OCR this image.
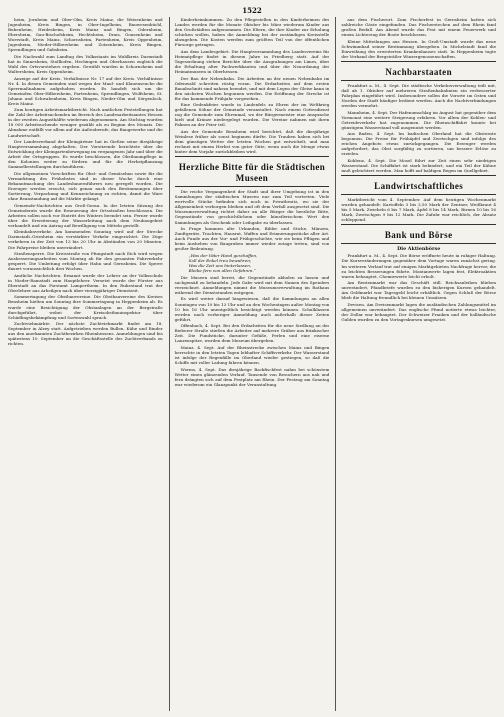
1522

heim, Jornheim und Ober-Olm, Kreis Mainz, die Weisenheim und Jugenheim, Kreis Bingen, in Ober-Ingelheim, Bauwesenbüchl, Bubenheim, Heidesheim, Kreis Mainz und Bingen, Odernheim, Ebersheim, Gau-Bischofsheim, Hechtsheim, Drais, Gonsenheim und Worrstadt, Kreis Mainz, Schornsheim, Partenheim, Kreis Oppenheim, Jugenheim, Nieder-Hilbersheim und Zotzenheim, Kreis Bingen, Sprendlingen und Gabsheim.

Die Nachwahl zum Landtag des Volksstaats im Wahlkreis Darmstadt hat in Sinnesheim, Stollhofen, Hechingen und Oberhausen zugleich die Wahl des Ortsvorstehers ergeben. Gewählt wurden in Schornsheim und Waltersheim, Kreis Oppenheim.

Anzeige auf der Kreis. Verhältnisse Nr. 17 auf der Kreis. Verhältnisse Nr. 4. In diesen Gemeinden sind wegen der Maul- und Klauenseuche die Sperrmaßnahmen aufgehoben worden. Es handelt sich um die Gemeinden Ober-Hilbersheim, Partenheim, Sprendlingen, Wolfsheim, St. Johann und Schwabenheim, Kreis Bingen, Nieder-Olm und Sörgenloch, Kreis Mainz.

Zum heutigen Arbeitsmarktbericht. Nach amtlichen Feststellungen hat die Zahl der Arbeitsuchenden im Bereich des Landesarbeitsamtes Hessen in der zweiten Augusthälfte wiederum abgenommen. Am Stichtag wurden 18 000 Arbeitsuchende weniger gezählt als zu Beginn des Monats. Die Abnahme entfällt vor allem auf die Außenberufe, das Baugewerbe und die Landwirtschaft.

Der Landesverband der Kleingärtner hat in Gießen seine diesjährige Hauptversammlung abgehalten. Der Vorsitzende berichtete über die Entwicklung der Kleingartenbewegung im vergangenen Jahr und über die Arbeit der Ortsgruppen. Es wurde beschlossen, die Obstbaumpflege in den Kolonien weiter zu fördern und für die Herbstpflanzung Sammelbestellungen durchzuführen.

Die allgemeinen Vorschriften für Obst- und Gemüsebau sowie für die Vermarktung des Frühobstes sind in dieser Woche durch eine Bekanntmachung des Landesbauernführers neu geregelt worden. Die Erzeuger werden ersucht, sich genau nach den Bestimmungen über Sortierung, Verpackung und Kennzeichnung zu richten, damit die Ware ohne Beanstandung auf die Märkte gelangt.

Gemeinde-Nachrichten aus Groß-Gerau. In der letzten Sitzung des Gemeinderats wurde die Erneuerung der Ortsstraßen beschlossen. Die Arbeiten sollen noch vor Eintritt des Winters beendet sein. Ferner wurde über die Erweiterung der Wasserleitung nach dem Neubaugebiet verhandelt und ein Antrag auf Bewilligung von Mitteln gestellt.

Kleinbahnverkehr. Am kommenden Sonntag wird auf der Strecke Darmstadt–Griesheim ein verstärkter Verkehr eingerichtet. Die Züge verkehren in der Zeit von 13 bis 20 Uhr in Abständen von 20 Minuten. Die Fahrpreise bleiben unverändert.

Straßensperre. Die Kreisstraße von Pfungstadt nach Eich wird wegen Ausbesserungsarbeiten vom Montag ab für den gesamten Fahrverkehr gesperrt. Die Umleitung erfolgt über Hahn und Gernsheim. Die Sperre dauert voraussichtlich drei Wochen.

Amtliche Nachrichten. Ernannt wurde der Lehrer an der Volksschule in Nieder-Ramstadt zum Hauptlehrer. Versetzt wurde der Förster aus Eberstadt an das Forstamt Lampertheim. In den Ruhestand trat der Oberlehrer aus Arheilgen nach über vierzigjähriger Dienstzeit.

Sommertagung der Obstbauvereine. Die Obstbauvereine des Kreises Bensheim hielten am Sonntag ihre Sommertagung in Heppenheim ab. Es wurde eine Besichtigung der Obstanlagen an der Bergstraße durchgeführt, wobei der Kreisobstbauinspektor über Schädlingsbekämpfung und Sortenwahl sprach.

Zuchtviehmärkte. Der nächste Zuchtviehmarkt findet am 18. September in Alzey statt. Aufgetrieben werden Bullen, Kühe und Rinder aus den anerkannten Zuchtbezirken Rheinhessens. Anmeldungen sind bis spätestens 10. September an die Geschäftsstelle des Zuchtverbands zu richten.

Kinderheimkommen. Zu den Pflegestellen in den Kinderheimen des Landes werden für die Monate Oktober bis März wiederum Kinder aus den Großstädten aufgenommen. Die Eltern, die ihre Kinder zur Erholung schicken wollen, haben die Anmeldung bei der zuständigen Kreisstelle abzugeben. Die Kosten werden zum größten Teil von der öffentlichen Fürsorge getragen.

Aus dem Landesgebiet. Die Hauptversammlung des Landesvereins für Heimatpflege findet in diesem Jahre in Friedberg statt. Auf der Tagesordnung stehen Berichte über die Ausgrabungen am Limes, über die Erhaltung alter Fachwerkbauten und über die Neuordnung der Heimatmuseen in Oberhessen.

Der Bau der Nebenbahn. Die Arbeiten an der neuen Nebenbahn im Odenwald schreiten rüstig voran. Die Erdarbeiten auf dem ersten Bauabschnitt sind nahezu beendet, und mit dem Legen der Gleise kann in den nächsten Wochen begonnen werden. Die Eröffnung der Strecke ist für das kommende Frühjahr vorgesehen.

Eine Gedenkfeier wurde in Lindenfels zu Ehren der im Weltkrieg gefallenen Söhne der Gemeinde veranstaltet. Nach einem Gottesdienst zog die Gemeinde zum Ehrenmal, wo der Bürgermeister eine Ansprache hielt und Kränze niedergelegt wurden. Die Vereine nahmen mit ihren Fahnen an der Feier teil.

Aus der Gemeinde Bensheim wird berichtet, daß die diesjährige Weinlese früher als sonst beginnen dürfte. Die Trauben haben sich bei dem günstigen Wetter der letzten Wochen gut entwickelt, und man rechnet mit einem Herbst von guter Güte, wenn auch die Menge etwas hinter dem Vorjahr zurückbleiben wird.

Herzliche Bitte für die Städtischen Museen

Die reiche Vergangenheit der Stadt und ihrer Umgebung ist in den Sammlungen der städtischen Museen nur zum Teil vertreten. Viele wertvolle Stücke befinden sich noch in Privatbesitz, wo sie der Allgemeinheit verborgen bleiben und oft dem Verfall ausgesetzt sind. Die Museumsverwaltung richtet daher an alle Bürger die herzliche Bitte, Gegenstände von geschichtlichem oder künstlerischem Wert den Sammlungen als Geschenk oder Leihgabe zu überlassen.

In Frage kommen alte Urkunden, Bilder und Stiche, Münzen, Zunftgeräte, Trachten, Hausrat, Waffen und Erinnerungsstücke aller Art. Auch Funde aus der Vor- und Frühgeschichte, wie sie beim Pflügen und beim Ausheben von Baugruben immer wieder zutage treten, sind von großer Bedeutung.

„Was der Väter Hand geschaffen,
Soll der Enkel treu bewahren;
Was die Zeit uns hinterlassen,
Bleibe fern von allen Gefahren.“

Die Museen sind bereit, die Gegenstände abholen zu lassen und sachgemäß zu behandeln. Jede Gabe wird mit dem Namen des Spenders verzeichnet. Anmeldungen nimmt die Museumsverwaltung im Rathaus während der Dienststunden entgegen.

Es wird weiter darauf hingewiesen, daß die Sammlungen an allen Sonntagen von 10 bis 13 Uhr und an den Wochentagen außer Montag von 10 bis 16 Uhr unentgeltlich besichtigt werden können. Schulklassen werden nach vorheriger Anmeldung auch außerhalb dieser Zeiten geführt.

Offenbach, 4. Sept. Bei den Erdarbeiten für die neue Siedlung an der Bieberer Straße stießen die Arbeiter auf mehrere Gräber aus fränkischer Zeit. Die Fundstücke, darunter Gefäße, Perlen und eine eiserne Lanzenspitze, wurden dem Museum übergeben.

Mainz, 4. Sept. Auf der Rheinstrecke zwischen Mainz und Bingen herrschte in den letzten Tagen lebhafter Schiffsverkehr. Der Wasserstand ist infolge der Regenfälle im Oberland wieder gestiegen, so daß die Schiffe mit voller Ladung fahren können.

Worms, 4. Sept. Das diesjährige Backfischfest nahm bei schönstem Wetter einen glänzenden Verlauf. Tausende von Besuchern aus nah und fern drängten sich auf dem Festplatz am Rhein. Der Festzug am Sonntag war wiederum ein Glanzpunkt der Veranstaltung.

aus dem Fischerort. Zum Fischerfest in Gernsheim hatten sich zahlreiche Gäste eingefunden. Das Fischerstechen auf dem Rhein fand großen Beifall. Am Abend wurde das Fest mit einem Feuerwerk und einem Lichterzug der Boote beschlossen.

Kleine Mitteilungen aus Hessen. In Groß-Umstadt wurde das neue Schwimmbad seiner Bestimmung übergeben. In Michelstadt fand die Einweihung des erweiterten Krankenhauses statt. In Heppenheim tagte der Verband der Bergsträßer Winzergenossenschaften.

Nachbarstaaten

Frankfurt a. M., 4. Sept. Die städtische Verkehrsverwaltung teilt mit, daß ab 1. Oktober auf mehreren Straßenbahnlinien ein verbesserter Fahrplan eingeführt wird. Insbesondere sollen die Vororte im Osten und Norden der Stadt häufiger bedient werden. Auch die Nachtverbindungen werden vermehrt.

Mannheim, 4. Sept. Der Hafenumschlag im August hat gegenüber dem Vormonat eine weitere Steigerung erfahren. Vor allem der Kohlen- und Getreideverkehr hat zugenommen. Die Rheinschiffahrt konnte bei günstigem Wasserstand voll ausgenutzt werden.

Aus Baden, 4. Sept. Im badischen Oberland hat die Obsternte begonnen. Die Preise für Frühäpfel und Zwetschgen sind infolge des reichen Angebots etwas zurückgegangen. Die Erzeuger werden aufgefordert, das Obst sorgfältig zu sortieren, um bessere Erlöse zu erzielen.

Koblenz, 4. Sept. Die Mosel führt zur Zeit einen sehr niedrigen Wasserstand. Die Schiffahrt ist stark behindert, und ein Teil der Kähne muß geleichtert werden. Man hofft auf baldigen Regen im Quellgebiet.

Landwirtschaftliches

Marktbericht vom 4. September. Auf dem heutigen Wochenmarkt wurden gehandelt: Kartoffeln 3 bis 3,50 Mark der Zentner, Weißkraut 4 bis 5 Mark, Zwiebeln 6 bis 7 Mark, Äpfel 8 bis 14 Mark, Birnen 10 bis 16 Mark, Zwetschgen 9 bis 12 Mark. Die Zufuhr war reichlich, der Absatz schleppend.

Bank und Börse
Die Aktienbörse

Frankfurt a. M., 4. Sept. Die Börse eröffnete heute in ruhiger Haltung. Die Kursveränderungen gegenüber dem Vortage waren zunächst gering. Im weiteren Verlauf trat auf einigen Marktgebieten Nachfrage hervor, die zu leichten Besserungen führte. Montanwerte lagen fest, Elektroaktien waren behauptet, Chemiewerte leicht erholt.

Am Rentenmarkt war das Geschäft still. Reichsanleihen blieben unverändert, Pfandbriefe wurden zu den bisherigen Kursen gehandelt. Am Geldmarkt war Tagesgeld leicht erhältlich. Gegen Schluß der Börse blieb die Haltung freundlich bei kleinen Umsätzen.

Devisen. Am Devisenmarkt lagen die ausländischen Zahlungsmittel im allgemeinen unverändert. Das englische Pfund notierte etwas leichter, der Dollar war behauptet. Der Schweizer Franken und der holländische Gulden wurden zu den Vortageskursen umgesetzt.
